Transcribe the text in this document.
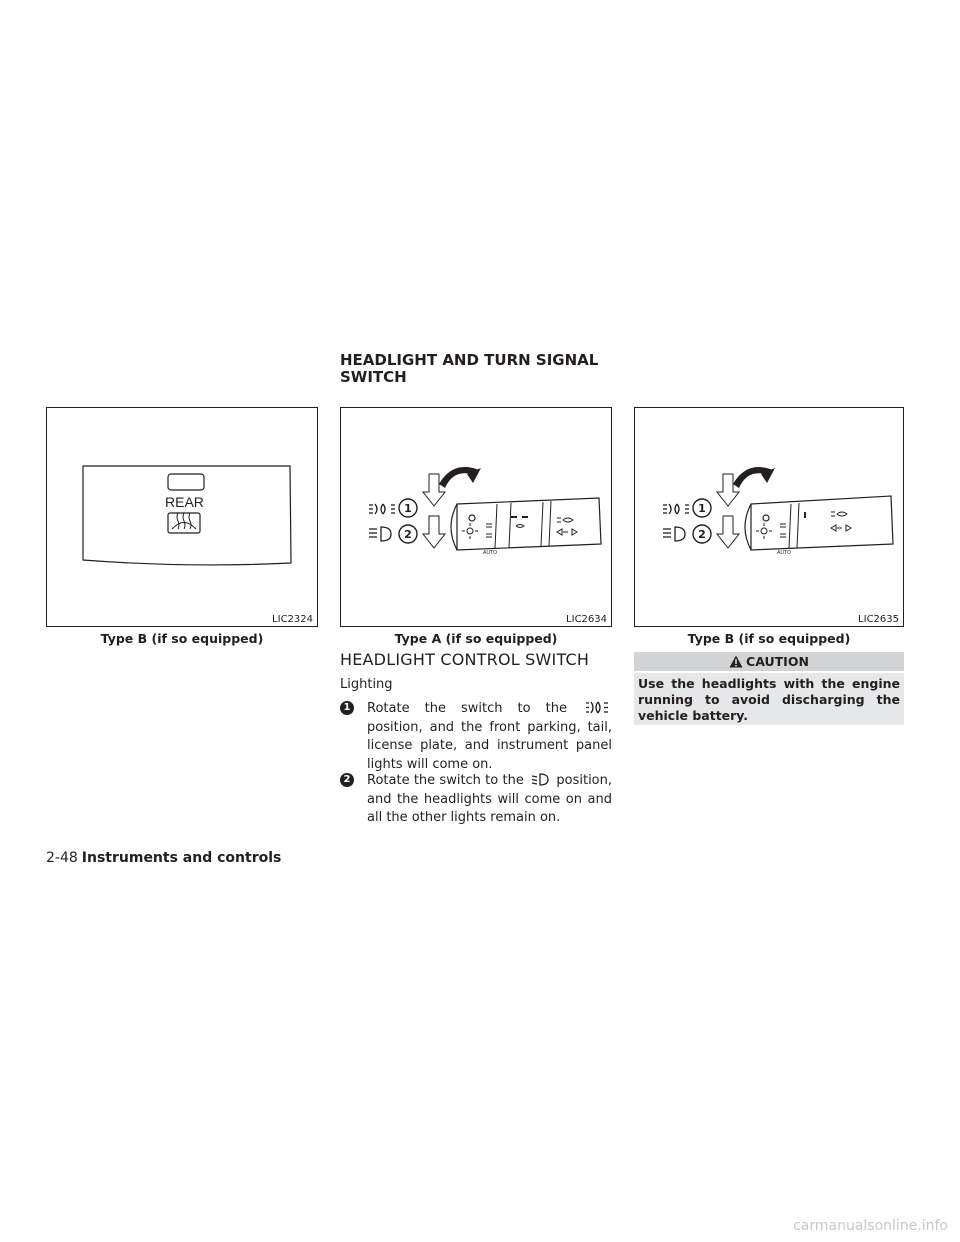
HEADLIGHT AND TURN SIGNAL SWITCH
REAR
LIC2324
Type B (if so equipped)
AUTO
1
2
LIC2634
Type A (if so equipped)
AUTO
1
2
LIC2635
Type B (if so equipped)
HEADLIGHT CONTROL SWITCH
Lighting
1 Rotate the switch to the  position, and the front parking, tail, license plate, and instrument panel lights will come on.
2 Rotate the switch to the	position, and the headlights will come on and all the other lights remain on.
CAUTION
Use the headlights with the engine running to avoid discharging the vehicle battery.
2-48 Instruments and controls
carmanualsonline.info
